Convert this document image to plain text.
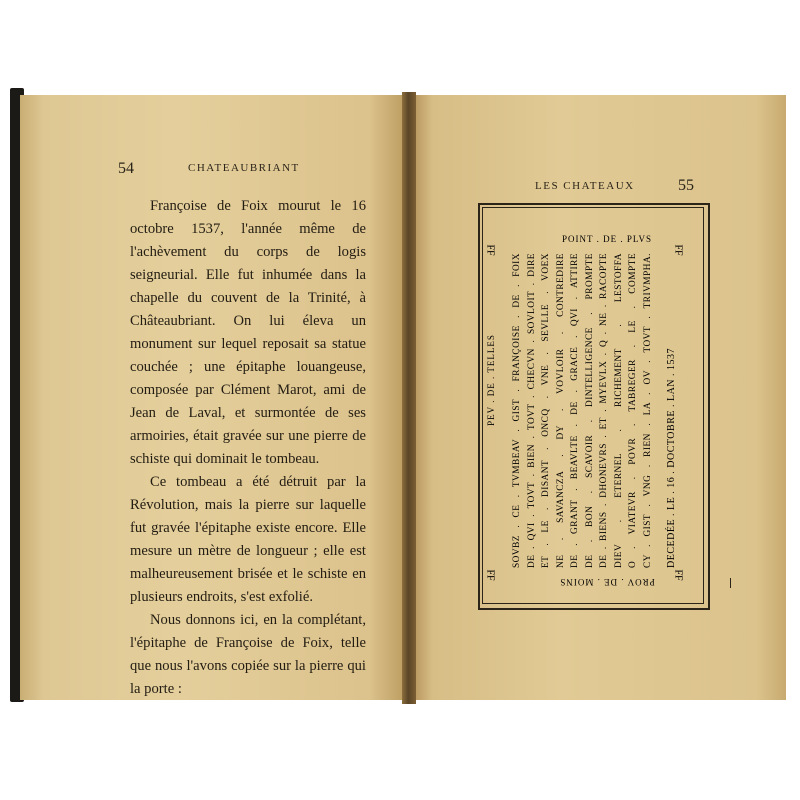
54	CHATEAUBRIANT
LES CHATEAUX	55

Françoise de Foix mourut le 16 octobre 1537, l'année même de l'achèvement du corps de logis seigneurial. Elle fut inhumée dans la chapelle du couvent de la Trinité, à Châteaubriant. On lui éleva un monument sur lequel reposait sa statue couchée ; une épitaphe louangeuse, composée par Clément Marot, ami de Jean de Laval, et surmontée de ses armoiries, était gravée sur une pierre de schiste qui dominait le tombeau.

Ce tombeau a été détruit par la Révolution, mais la pierre sur laquelle fut gravée l'épitaphe existe encore. Elle mesure un mètre de longueur ; elle est malheureusement brisée et le schiste en plusieurs endroits, s'est exfolié.

Nous donnons ici, en la complétant, l'épitaphe de Françoise de Foix, telle que nous l'avons copiée sur la pierre qui la porte :

POINT . DE . PLVS
PROV . DE . MOINS
FF	FF
FF	FF
PEV . DE . TELLES SOVBZ . CE . TVMBEAV . GIST . FRANÇOISE . DE . FOIX DE . QVI . TOVT . BIEN . TOVT . CHECVN . SOVLOIT . DIRE ET . LE . DISANT . ONCQ . VNE . SEVLLE . VOEX NE . SAVANCZA . DY . VOVLOIR . CONTREDIRE DE . GRANT . BEAVLTE . DE . GRACE . QVI . ATTIRE DE . BON . SCAVOIR . DINTELLIGENCE . PROMPTE DE . BIENS . DHONEVRS . ET . MYEVLX . Q . NE . RACOPTE DIEV . ETERNEL . RICHEMENT . LESTOFFA O . VIATEVR . POVR . TABREGER . LE . COMPTE CY . GIST . VNG . RIEN . LA . OV . TOVT . TRIVMPHA. DECEDÉE . LE . 16 . DOCTOBRE . LAN . 1537
